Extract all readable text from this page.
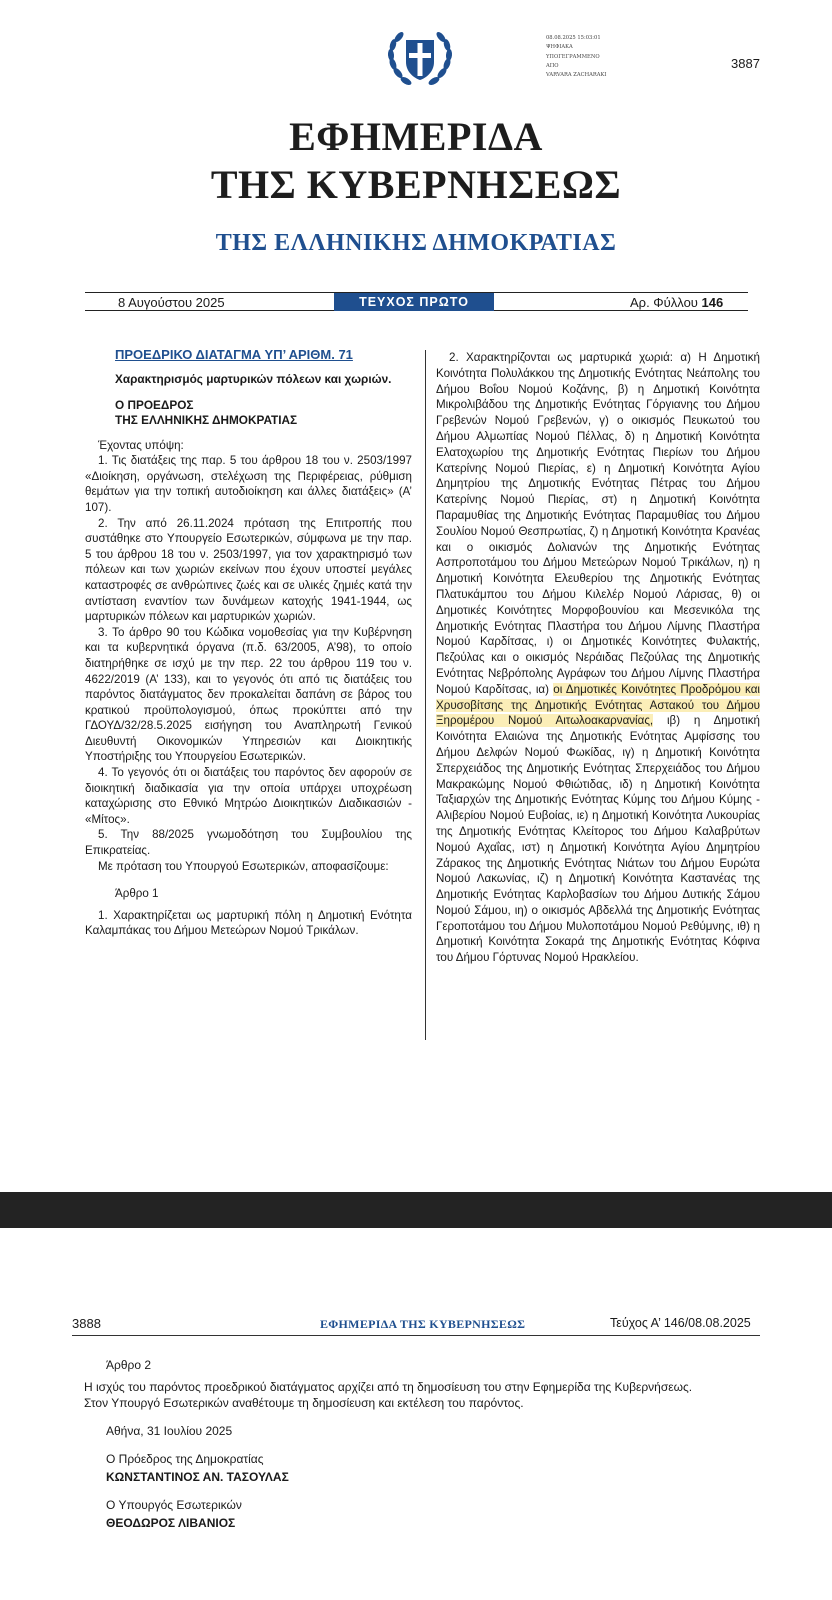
08.08.2025 15:03:01
ΨΗΦΙΑΚΑ
ΥΠΟΓΕΓΡΑΜΜΕΝΟ
ΑΠΟ
VARVARA ZACHARAKI
3887
ΕΦΗΜΕΡΙΔΑ
ΤΗΣ ΚΥΒΕΡΝΗΣΕΩΣ
ΤΗΣ ΕΛΛΗΝΙΚΗΣ ΔΗΜΟΚΡΑΤΙΑΣ
8 Αυγούστου 2025	ΤΕΥΧΟΣ ΠΡΩΤΟ	Αρ. Φύλλου 146

ΠΡΟΕΔΡΙΚΟ ΔΙΑΤΑΓΜΑ ΥΠ’ ΑΡΙΘΜ. 71

Χαρακτηρισμός μαρτυρικών πόλεων και χωριών.

Ο ΠΡΟΕΔΡΟΣ
ΤΗΣ ΕΛΛΗΝΙΚΗΣ ΔΗΜΟΚΡΑΤΙΑΣ

Έχοντας υπόψη:

1. Τις διατάξεις της παρ. 5 του άρθρου 18 του ν. 2503/1997 «Διοίκηση, οργάνωση, στελέχωση της Περιφέρειας, ρύθμιση θεμάτων για την τοπική αυτοδιοίκηση και άλλες διατάξεις» (Α’ 107).

2. Την από 26.11.2024 πρόταση της Επιτροπής που συστάθηκε στο Υπουργείο Εσωτερικών, σύμφωνα με την παρ. 5 του άρθρου 18 του ν. 2503/1997, για τον χαρακτηρισμό των πόλεων και των χωριών εκείνων που έχουν υποστεί μεγάλες καταστροφές σε ανθρώπινες ζωές και σε υλικές ζημιές κατά την αντίσταση εναντίον των δυνάμεων κατοχής 1941-1944, ως μαρτυρικών πόλεων και μαρτυρικών χωριών.

3. Το άρθρο 90 του Κώδικα νομοθεσίας για την Κυβέρνηση και τα κυβερνητικά όργανα (π.δ. 63/2005, Α’98), το οποίο διατηρήθηκε σε ισχύ με την περ. 22 του άρθρου 119 του ν. 4622/2019 (Α’ 133), και το γεγονός ότι από τις διατάξεις του παρόντος διατάγματος δεν προκαλείται δαπάνη σε βάρος του κρατικού προϋπολογισμού, όπως προκύπτει από την ΓΔΟΥΔ/32/28.5.2025 εισήγηση του Αναπληρωτή Γενικού Διευθυντή Οικονομικών Υπηρεσιών και Διοικητικής Υποστήριξης του Υπουργείου Εσωτερικών.

4. Το γεγονός ότι οι διατάξεις του παρόντος δεν αφορούν σε διοικητική διαδικασία για την οποία υπάρχει υποχρέωση καταχώρισης στο Εθνικό Μητρώο Διοικητικών Διαδικασιών - «Μίτος».

5. Την 88/2025 γνωμοδότηση του Συμβουλίου της Επικρατείας.

Με πρόταση του Υπουργού Εσωτερικών, αποφασίζουμε:

Άρθρο 1

1. Χαρακτηρίζεται ως μαρτυρική πόλη η Δημοτική Ενότητα Καλαμπάκας του Δήμου Μετεώρων Νομού Τρικάλων.

2. Χαρακτηρίζονται ως μαρτυρικά χωριά: α) Η Δημοτική Κοινότητα Πολυλάκκου της Δημοτικής Ενότητας Νεάπολης του Δήμου Βοΐου Νομού Κοζάνης, β) η Δημοτική Κοινότητα Μικρολιβάδου της Δημοτικής Ενότητας Γόργιανης του Δήμου Γρεβενών Νομού Γρεβενών, γ) ο οικισμός Πευκωτού του Δήμου Αλμωπίας Νομού Πέλλας, δ) η Δημοτική Κοινότητα Ελατοχωρίου της Δημοτικής Ενότητας Πιερίων του Δήμου Κατερίνης Νομού Πιερίας, ε) η Δημοτική Κοινότητα Αγίου Δημητρίου της Δημοτικής Ενότητας Πέτρας του Δήμου Κατερίνης Νομού Πιερίας, στ) η Δημοτική Κοινότητα Παραμυθίας της Δημοτικής Ενότητας Παραμυθίας του Δήμου Σουλίου Νομού Θεσπρωτίας, ζ) η Δημοτική Κοινότητα Κρανέας και ο οικισμός Δολιανών της Δημοτικής Ενότητας Ασπροποτάμου του Δήμου Μετεώρων Νομού Τρικάλων, η) η Δημοτική Κοινότητα Ελευθερίου της Δημοτικής Ενότητας Πλατυκάμπου του Δήμου Κιλελέρ Νομού Λάρισας, θ) οι Δημοτικές Κοινότητες Μορφοβουνίου και Μεσενικόλα της Δημοτικής Ενότητας Πλαστήρα του Δήμου Λίμνης Πλαστήρα Νομού Καρδίτσας, ι) οι Δημοτικές Κοινότητες Φυλακτής, Πεζούλας και ο οικισμός Νεράιδας Πεζούλας της Δημοτικής Ενότητας Νεβρόπολης Αγράφων του Δήμου Λίμνης Πλαστήρα Νομού Καρδίτσας, ια) οι Δημοτικές Κοινότητες Προδρόμου και Χρυσοβίτσης της Δημοτικής Ενότητας Αστακού του Δήμου Ξηρομέρου Νομού Αιτωλοακαρνανίας, ιβ) η Δημοτική Κοινότητα Ελαιώνα της Δημοτικής Ενότητας Αμφίσσης του Δήμου Δελφών Νομού Φωκίδας, ιγ) η Δημοτική Κοινότητα Σπερχειάδος της Δημοτικής Ενότητας Σπερχειάδος του Δήμου Μακρακώμης Νομού Φθιώτιδας, ιδ) η Δημοτική Κοινότητα Ταξιαρχών της Δημοτικής Ενότητας Κύμης του Δήμου Κύμης - Αλιβερίου Νομού Ευβοίας, ιε) η Δημοτική Κοινότητα Λυκουρίας της Δημοτικής Ενότητας Κλείτορος του Δήμου Καλαβρύτων Νομού Αχαΐας, ιστ) η Δημοτική Κοινότητα Αγίου Δημητρίου Ζάρακος της Δημοτικής Ενότητας Νιάτων του Δήμου Ευρώτα Νομού Λακωνίας, ιζ) η Δημοτική Κοινότητα Καστανέας της Δημοτικής Ενότητας Καρλοβασίων του Δήμου Δυτικής Σάμου Νομού Σάμου, ιη) ο οικισμός Αβδελλά της Δημοτικής Ενότητας Γεροποτάμου του Δήμου Μυλοποτάμου Νομού Ρεθύμνης, ιθ) η Δημοτική Κοινότητα Σοκαρά της Δημοτικής Ενότητας Κόφινα του Δήμου Γόρτυνας Νομού Ηρακλείου.

3888	ΕΦΗΜΕΡΙΔΑ ΤΗΣ ΚΥΒΕΡΝΗΣΕΩΣ	Τεύχος Α’ 146/08.08.2025

Άρθρο 2

Η ισχύς του παρόντος προεδρικού διατάγματος αρχίζει από τη δημοσίευση του στην Εφημερίδα της Κυβερνήσεως.

Στον Υπουργό Εσωτερικών αναθέτουμε τη δημοσίευση και εκτέλεση του παρόντος.

Αθήνα, 31 Ιουλίου 2025

Ο Πρόεδρος της Δημοκρατίας

ΚΩΝΣΤΑΝΤΙΝΟΣ ΑΝ. ΤΑΣΟΥΛΑΣ

Ο Υπουργός Εσωτερικών

ΘΕΟΔΩΡΟΣ ΛΙΒΑΝΙΟΣ
